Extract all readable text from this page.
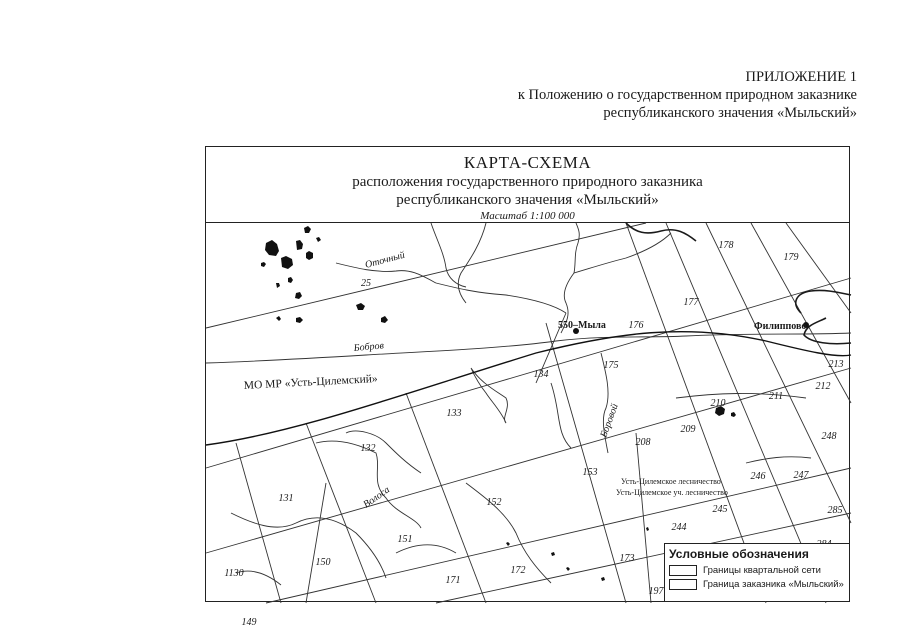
ПРИЛОЖЕНИЕ 1
к Положению о государственном природном заказнике
республиканского значения «Мыльский»
КАРТА-СХЕМА
расположения государственного природного заказника
республиканского значения «Мыльский»
Масштаб 1:100 000
Оточный
Бобров
Волоса
Боровой
550–Мыла	Филиппово
МО МР «Усть-Цилемский»
Усть-Цилемское лесничество
Усть-Цилемское уч. лесничество
25
178
179
177
176
175
134
133
132
131
1130
149
150
151
152
153
171
172
173
208
209
210
211
212
213
244
245
246	247
248
285
197
Условные обозначения
Границы квартальной сети
Граница заказника «Мыльский»
